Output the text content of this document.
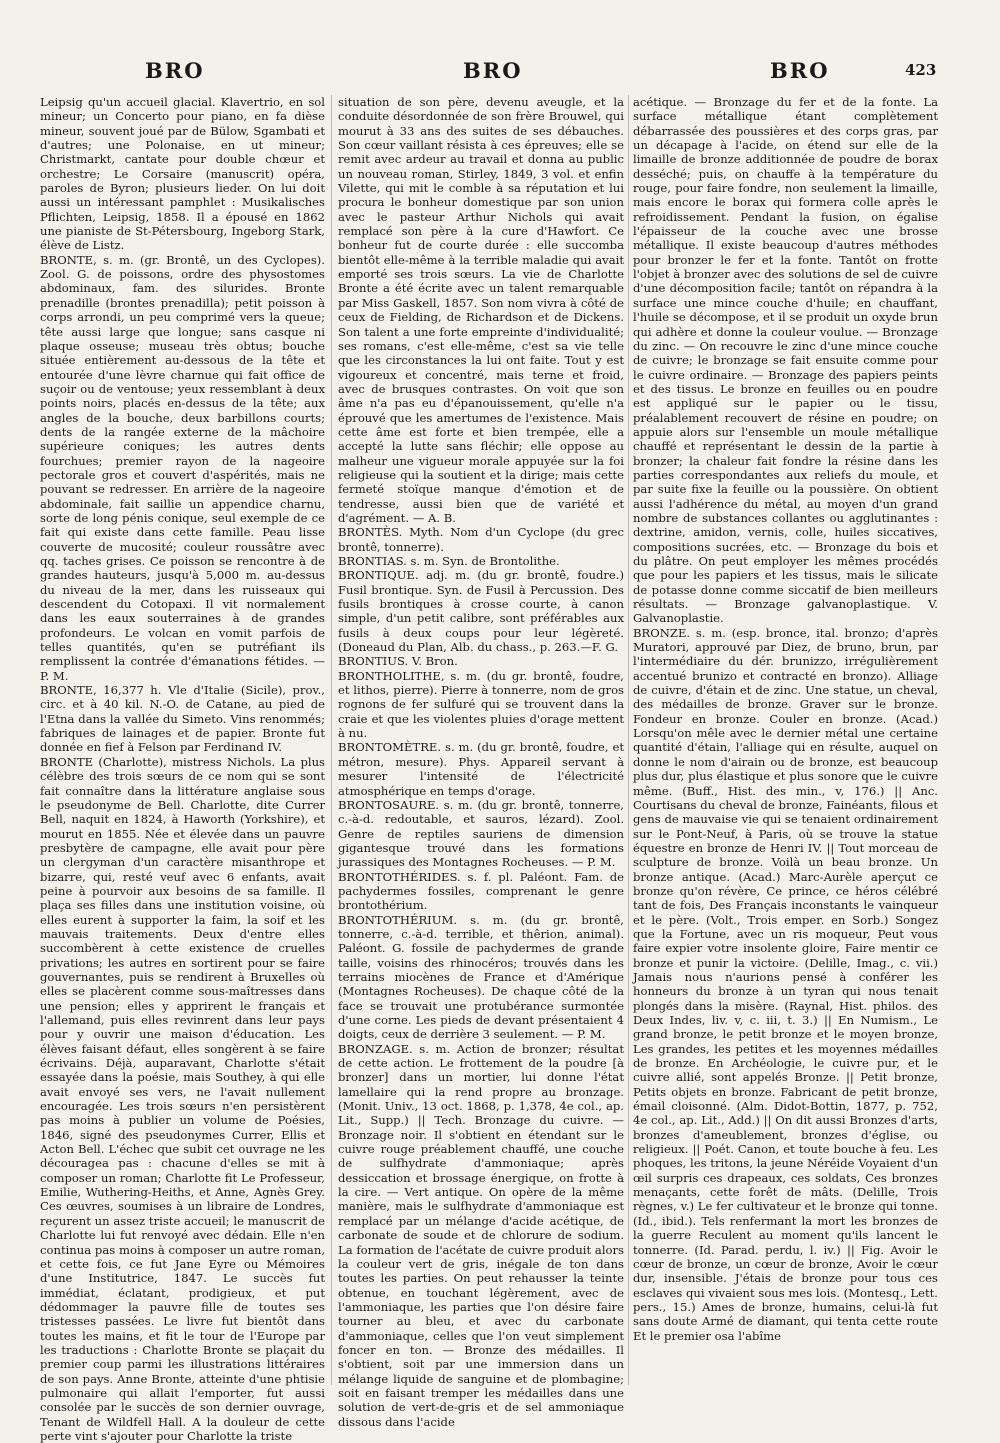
BRO	BRO	BRO	423

Leipsig qu'un accueil glacial. Klavertrio, en sol mineur; un Concerto pour piano, en fa dièse mineur, souvent joué par de Bülow, Sgambati et d'autres; une Polonaise, en ut mineur; Christmarkt, cantate pour double chœur et orchestre; Le Corsaire (manuscrit) opéra, paroles de Byron; plusieurs lieder. On lui doit aussi un intéressant pamphlet : Musikalisches Pflichten, Leipsig, 1858. Il a épousé en 1862 une pianiste de St-Pétersbourg, Ingeborg Stark, élève de Listz.

BRONTE, s. m. (gr. Brontê, un des Cyclopes). Zool. G. de poissons, ordre des physostomes abdominaux, fam. des silurides. Bronte prenadille (brontes prenadilla); petit poisson à corps arrondi, un peu comprimé vers la queue; tête aussi large que longue; sans casque ni plaque osseuse; museau très obtus; bouche située entièrement au-dessous de la tête et entourée d'une lèvre charnue qui fait office de suçoir ou de ventouse; yeux ressemblant à deux points noirs, placés en-dessus de la tête; aux angles de la bouche, deux barbillons courts; dents de la rangée externe de la mâchoire supérieure coniques; les autres dents fourchues; premier rayon de la nageoire pectorale gros et couvert d'aspérités, mais ne pouvant se redresser. En arrière de la nageoire abdominale, fait saillie un appendice charnu, sorte de long pénis conique, seul exemple de ce fait qui existe dans cette famille. Peau lisse couverte de mucosité; couleur roussâtre avec qq. taches grises. Ce poisson se rencontre à de grandes hauteurs, jusqu'à 5,000 m. au-dessus du niveau de la mer, dans les ruisseaux qui descendent du Cotopaxi. Il vit normalement dans les eaux souterraines à de grandes profondeurs. Le volcan en vomit parfois de telles quantités, qu'en se putréfiant ils remplissent la contrée d'émanations fétides. — P. M.

BRONTE, 16,377 h. Vle d'Italie (Sicile), prov., circ. et à 40 kil. N.-O. de Catane, au pied de l'Etna dans la vallée du Simeto. Vins renommés; fabriques de lainages et de papier. Bronte fut donnée en fief à Felson par Ferdinand IV.

BRONTE (Charlotte), mistress Nichols. La plus célèbre des trois sœurs de ce nom qui se sont fait connaître dans la littérature anglaise sous le pseudonyme de Bell. Charlotte, dite Currer Bell, naquit en 1824, à Haworth (Yorkshire), et mourut en 1855. Née et élevée dans un pauvre presbytère de campagne, elle avait pour père un clergyman d'un caractère misanthrope et bizarre, qui, resté veuf avec 6 enfants, avait peine à pourvoir aux besoins de sa famille. Il plaça ses filles dans une institution voisine, où elles eurent à supporter la faim, la soif et les mauvais traitements. Deux d'entre elles succombèrent à cette existence de cruelles privations; les autres en sortirent pour se faire gouvernantes, puis se rendirent à Bruxelles où elles se placèrent comme sous-maîtresses dans une pension; elles y apprirent le français et l'allemand, puis elles revinrent dans leur pays pour y ouvrir une maison d'éducation. Les élèves faisant défaut, elles songèrent à se faire écrivains. Déjà, auparavant, Charlotte s'était essayée dans la poésie, mais Southey, à qui elle avait envoyé ses vers, ne l'avait nullement encouragée. Les trois sœurs n'en persistèrent pas moins à publier un volume de Poésies, 1846, signé des pseudonymes Currer, Ellis et Acton Bell. L'échec que subit cet ouvrage ne les découragea pas : chacune d'elles se mit à composer un roman; Charlotte fit Le Professeur, Emilie, Wuthering-Heiths, et Anne, Agnès Grey. Ces œuvres, soumises à un libraire de Londres, reçurent un assez triste accueil; le manuscrit de Charlotte lui fut renvoyé avec dédain. Elle n'en continua pas moins à composer un autre roman, et cette fois, ce fut Jane Eyre ou Mémoires d'une Institutrice, 1847. Le succès fut immédiat, éclatant, prodigieux, et put dédommager la pauvre fille de toutes ses tristesses passées. Le livre fut bientôt dans toutes les mains, et fit le tour de l'Europe par les traductions : Charlotte Bronte se plaçait du premier coup parmi les illustrations littéraires de son pays. Anne Bronte, atteinte d'une phtisie pulmonaire qui allait l'emporter, fut aussi consolée par le succès de son dernier ouvrage, Tenant de Wildfell Hall. A la douleur de cette perte vint s'ajouter pour Charlotte la triste

situation de son père, devenu aveugle, et la conduite désordonnée de son frère Brouwel, qui mourut à 33 ans des suites de ses débauches. Son cœur vaillant résista à ces épreuves; elle se remit avec ardeur au travail et donna au public un nouveau roman, Stirley, 1849, 3 vol. et enfin Vilette, qui mit le comble à sa réputation et lui procura le bonheur domestique par son union avec le pasteur Arthur Nichols qui avait remplacé son père à la cure d'Hawfort. Ce bonheur fut de courte durée : elle succomba bientôt elle-même à la terrible maladie qui avait emporté ses trois sœurs. La vie de Charlotte Bronte a été écrite avec un talent remarquable par Miss Gaskell, 1857. Son nom vivra à côté de ceux de Fielding, de Richardson et de Dickens. Son talent a une forte empreinte d'individualité; ses romans, c'est elle-même, c'est sa vie telle que les circonstances la lui ont faite. Tout y est vigoureux et concentré, mais terne et froid, avec de brusques contrastes. On voit que son âme n'a pas eu d'épanouissement, qu'elle n'a éprouvé que les amertumes de l'existence. Mais cette âme est forte et bien trempée, elle a accepté la lutte sans fléchir; elle oppose au malheur une vigueur morale appuyée sur la foi religieuse qui la soutient et la dirige; mais cette fermeté stoïque manque d'émotion et de tendresse, aussi bien que de variété et d'agrément. — A. B.

BRONTÈS. Myth. Nom d'un Cyclope (du grec brontê, tonnerre).

BRONTIAS. s. m. Syn. de Brontolithe.

BRONTIQUE. adj. m. (du gr. brontê, foudre.) Fusil brontique. Syn. de Fusil à Percussion. Des fusils brontiques à crosse courte, à canon simple, d'un petit calibre, sont préférables aux fusils à deux coups pour leur légèreté. (Doneaud du Plan, Alb. du chass., p. 263.—F. G.

BRONTIUS. V. Bron.

BRONTHOLITHE, s. m. (du gr. brontê, foudre, et lithos, pierre). Pierre à tonnerre, nom de gros rognons de fer sulfuré qui se trouvent dans la craie et que les violentes pluies d'orage mettent à nu.

BRONTOMÈTRE. s. m. (du gr. brontê, foudre, et métron, mesure). Phys. Appareil servant à mesurer l'intensité de l'électricité atmosphérique en temps d'orage.

BRONTOSAURE. s. m. (du gr. brontê, tonnerre, c.-à-d. redoutable, et sauros, lézard). Zool. Genre de reptiles sauriens de dimension gigantesque trouvé dans les formations jurassiques des Montagnes Rocheuses. — P. M.

BRONTOTHÉRIDES. s. f. pl. Paléont. Fam. de pachydermes fossiles, comprenant le genre brontothérium.

BRONTOTHÉRIUM. s. m. (du gr. brontê, tonnerre, c.-à-d. terrible, et thêrion, animal). Paléont. G. fossile de pachydermes de grande taille, voisins des rhinocéros; trouvés dans les terrains miocènes de France et d'Amérique (Montagnes Rocheuses). De chaque côté de la face se trouvait une protubérance surmontée d'une corne. Les pieds de devant présentaient 4 doigts, ceux de derrière 3 seulement. — P. M.

BRONZAGE. s. m. Action de bronzer; résultat de cette action. Le frottement de la poudre [à bronzer] dans un mortier, lui donne l'état lamellaire qui la rend propre au bronzage. (Monit. Univ., 13 oct. 1868, p. 1,378, 4e col., ap. Lit., Supp.) || Tech. Bronzage du cuivre. — Bronzage noir. Il s'obtient en étendant sur le cuivre rouge préablement chauffé, une couche de sulfhydrate d'ammoniaque; après dessiccation et brossage énergique, on frotte à la cire. — Vert antique. On opère de la même manière, mais le sulfhydrate d'ammoniaque est remplacé par un mélange d'acide acétique, de carbonate de soude et de chlorure de sodium. La formation de l'acétate de cuivre produit alors la couleur vert de gris, inégale de ton dans toutes les parties. On peut rehausser la teinte obtenue, en touchant légèrement, avec de l'ammoniaque, les parties que l'on désire faire tourner au bleu, et avec du carbonate d'ammoniaque, celles que l'on veut simplement foncer en ton. — Bronze des médailles. Il s'obtient, soit par une immersion dans un mélange liquide de sanguine et de plombagine; soit en faisant tremper les médailles dans une solution de vert-de-gris et de sel ammoniaque dissous dans l'acide

acétique. — Bronzage du fer et de la fonte. La surface métallique étant complètement débarrassée des poussières et des corps gras, par un décapage à l'acide, on étend sur elle de la limaille de bronze additionnée de poudre de borax desséché; puis, on chauffe à la température du rouge, pour faire fondre, non seulement la limaille, mais encore le borax qui formera colle après le refroidissement. Pendant la fusion, on égalise l'épaisseur de la couche avec une brosse métallique. Il existe beaucoup d'autres méthodes pour bronzer le fer et la fonte. Tantôt on frotte l'objet à bronzer avec des solutions de sel de cuivre d'une décomposition facile; tantôt on répandra à la surface une mince couche d'huile; en chauffant, l'huile se décompose, et il se produit un oxyde brun qui adhère et donne la couleur voulue. — Bronzage du zinc. — On recouvre le zinc d'une mince couche de cuivre; le bronzage se fait ensuite comme pour le cuivre ordinaire. — Bronzage des papiers peints et des tissus. Le bronze en feuilles ou en poudre est appliqué sur le papier ou le tissu, préalablement recouvert de résine en poudre; on appuie alors sur l'ensemble un moule métallique chauffé et représentant le dessin de la partie à bronzer; la chaleur fait fondre la résine dans les parties correspondantes aux reliefs du moule, et par suite fixe la feuille ou la poussière. On obtient aussi l'adhérence du métal, au moyen d'un grand nombre de substances collantes ou agglutinantes : dextrine, amidon, vernis, colle, huiles siccatives, compositions sucrées, etc. — Bronzage du bois et du plâtre. On peut employer les mêmes procédés que pour les papiers et les tissus, mais le silicate de potasse donne comme siccatif de bien meilleurs résultats. — Bronzage galvanoplastique. V. Galvanoplastie.

BRONZE. s. m. (esp. bronce, ital. bronzo; d'après Muratori, approuvé par Diez, de bruno, brun, par l'intermédiaire du dér. brunizzo, irrégulièrement accentué brunizo et contracté en bronzo). Alliage de cuivre, d'étain et de zinc. Une statue, un cheval, des médailles de bronze. Graver sur le bronze. Fondeur en bronze. Couler en bronze. (Acad.) Lorsqu'on mêle avec le dernier métal une certaine quantité d'étain, l'alliage qui en résulte, auquel on donne le nom d'airain ou de bronze, est beaucoup plus dur, plus élastique et plus sonore que le cuivre même. (Buff., Hist. des min., v, 176.) || Anc. Courtisans du cheval de bronze, Fainéants, filous et gens de mauvaise vie qui se tenaient ordinairement sur le Pont-Neuf, à Paris, où se trouve la statue équestre en bronze de Henri IV. || Tout morceau de sculpture de bronze. Voilà un beau bronze. Un bronze antique. (Acad.) Marc-Aurèle aperçut ce bronze qu'on révère, Ce prince, ce héros célébré tant de fois, Des Français inconstants le vainqueur et le père. (Volt., Trois emper. en Sorb.) Songez que la Fortune, avec un ris moqueur, Peut vous faire expier votre insolente gloire, Faire mentir ce bronze et punir la victoire. (Delille, Imag., c. vii.) Jamais nous n'aurions pensé à conférer les honneurs du bronze à un tyran qui nous tenait plongés dans la misère. (Raynal, Hist. philos. des Deux Indes, liv. v, c. iii, t. 3.) || En Numism., Le grand bronze, le petit bronze et le moyen bronze, Les grandes, les petites et les moyennes médailles de bronze. En Archéologie, le cuivre pur, et le cuivre allié, sont appelés Bronze. || Petit bronze, Petits objets en bronze. Fabricant de petit bronze, émail cloisonné. (Alm. Didot-Bottin, 1877, p. 752, 4e col., ap. Lit., Add.) || On dit aussi Bronzes d'arts, bronzes d'ameublement, bronzes d'église, ou religieux. || Poét. Canon, et toute bouche à feu. Les phoques, les tritons, la jeune Néréide Voyaient d'un œil surpris ces drapeaux, ces soldats, Ces bronzes menaçants, cette forêt de mâts. (Delille, Trois règnes, v.) Le fer cultivateur et le bronze qui tonne. (Id., ibid.). Tels renfermant la mort les bronzes de la guerre Reculent au moment qu'ils lancent le tonnerre. (Id. Parad. perdu, l. iv.) || Fig. Avoir le cœur de bronze, un cœur de bronze, Avoir le cœur dur, insensible. J'étais de bronze pour tous ces esclaves qui vivaient sous mes lois. (Montesq., Lett. pers., 15.) Ames de bronze, humains, celui-là fut sans doute Armé de diamant, qui tenta cette route Et le premier osa l'abîme
